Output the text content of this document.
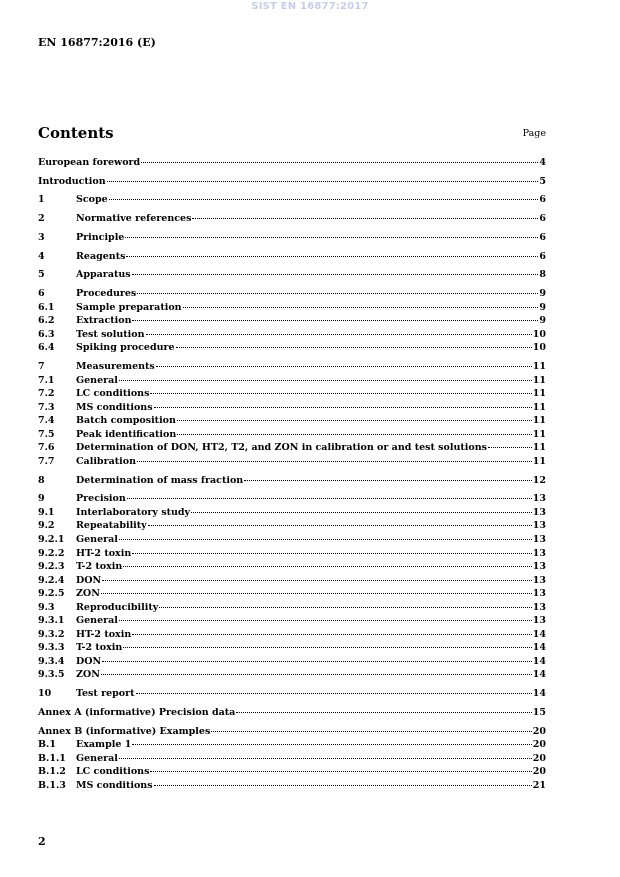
SIST EN 16877:2017
EN 16877:2016 (E)
Contents	Page
European foreword	4
Introduction	5
1	Scope	6
2	Normative references	6
3	Principle	6
4	Reagents	6
5	Apparatus	8
6	Procedures	9
6.1	Sample preparation	9
6.2	Extraction	9
6.3	Test solution	10
6.4	Spiking procedure	10
7	Measurements	11
7.1	General	11
7.2	LC conditions	11
7.3	MS conditions	11
7.4	Batch composition	11
7.5	Peak identification	11
7.6	Determination of DON, HT2, T2, and ZON in calibration or and test solutions	11
7.7	Calibration	11
8	Determination of mass fraction	12
9	Precision	13
9.1	Interlaboratory study	13
9.2	Repeatability	13
9.2.1	General	13
9.2.2	HT-2 toxin	13
9.2.3	T-2 toxin	13
9.2.4	DON	13
9.2.5	ZON	13
9.3	Reproducibility	13
9.3.1	General	13
9.3.2	HT-2 toxin	14
9.3.3	T-2 toxin	14
9.3.4	DON	14
9.3.5	ZON	14
10	Test report	14
Annex A (informative) Precision data	15
Annex B (informative) Examples	20
B.1	Example 1	20
B.1.1	General	20
B.1.2	LC conditions	20
B.1.3	MS conditions	21
2
